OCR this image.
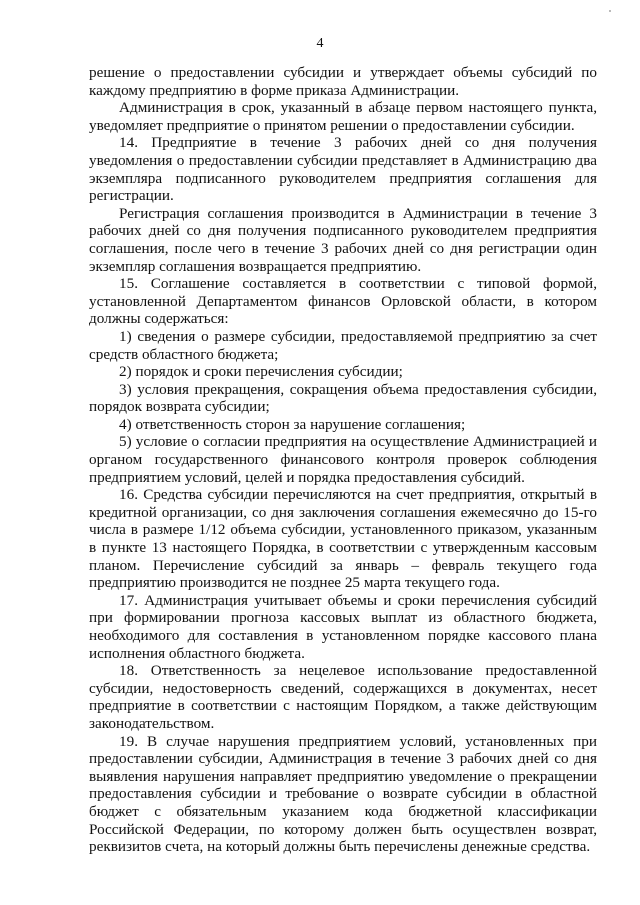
4

решение о предоставлении субсидии и утверждает объемы субсидий по каждому предприятию в форме приказа Администрации.

Администрация в срок, указанный в абзаце первом настоящего пункта, уведомляет предприятие о принятом решении о предоставлении субсидии.

14. Предприятие в течение 3 рабочих дней со дня получения уведомления о предоставлении субсидии представляет в Администрацию два экземпляра подписанного руководителем предприятия соглашения для регистрации.

Регистрация соглашения производится в Администрации в течение 3 рабочих дней со дня получения подписанного руководителем предприятия соглашения, после чего в течение 3 рабочих дней со дня регистрации один экземпляр соглашения возвращается предприятию.

15. Соглашение составляется в соответствии с типовой формой, установленной Департаментом финансов Орловской области, в котором должны содержаться:

1) сведения о размере субсидии, предоставляемой предприятию за счет средств областного бюджета;

2) порядок и сроки перечисления субсидии;

3) условия прекращения, сокращения объема предоставления субсидии, порядок возврата субсидии;

4) ответственность сторон за нарушение соглашения;

5) условие о согласии предприятия на осуществление Администрацией и органом государственного финансового контроля проверок соблюдения предприятием условий, целей и порядка предоставления субсидий.

16. Средства субсидии перечисляются на счет предприятия, открытый в кредитной организации, со дня заключения соглашения ежемесячно до 15-го числа в размере 1/12 объема субсидии, установленного приказом, указанным в пункте 13 настоящего Порядка, в соответствии с утвержденным кассовым планом. Перечисление субсидий за январь – февраль текущего года предприятию производится не позднее 25 марта текущего года.

17. Администрация учитывает объемы и сроки перечисления субсидий при формировании прогноза кассовых выплат из областного бюджета, необходимого для составления в установленном порядке кассового плана исполнения областного бюджета.

18. Ответственность за нецелевое использование предоставленной субсидии, недостоверность сведений, содержащихся в документах, несет предприятие в соответствии с настоящим Порядком, а также действующим законодательством.

19. В случае нарушения предприятием условий, установленных при предоставлении субсидии, Администрация в течение 3 рабочих дней со дня выявления нарушения направляет предприятию уведомление о прекращении предоставления субсидии и требование о возврате субсидии в областной бюджет с обязательным указанием кода бюджетной классификации Российской Федерации, по которому должен быть осуществлен возврат, реквизитов счета, на который должны быть перечислены денежные средства.
